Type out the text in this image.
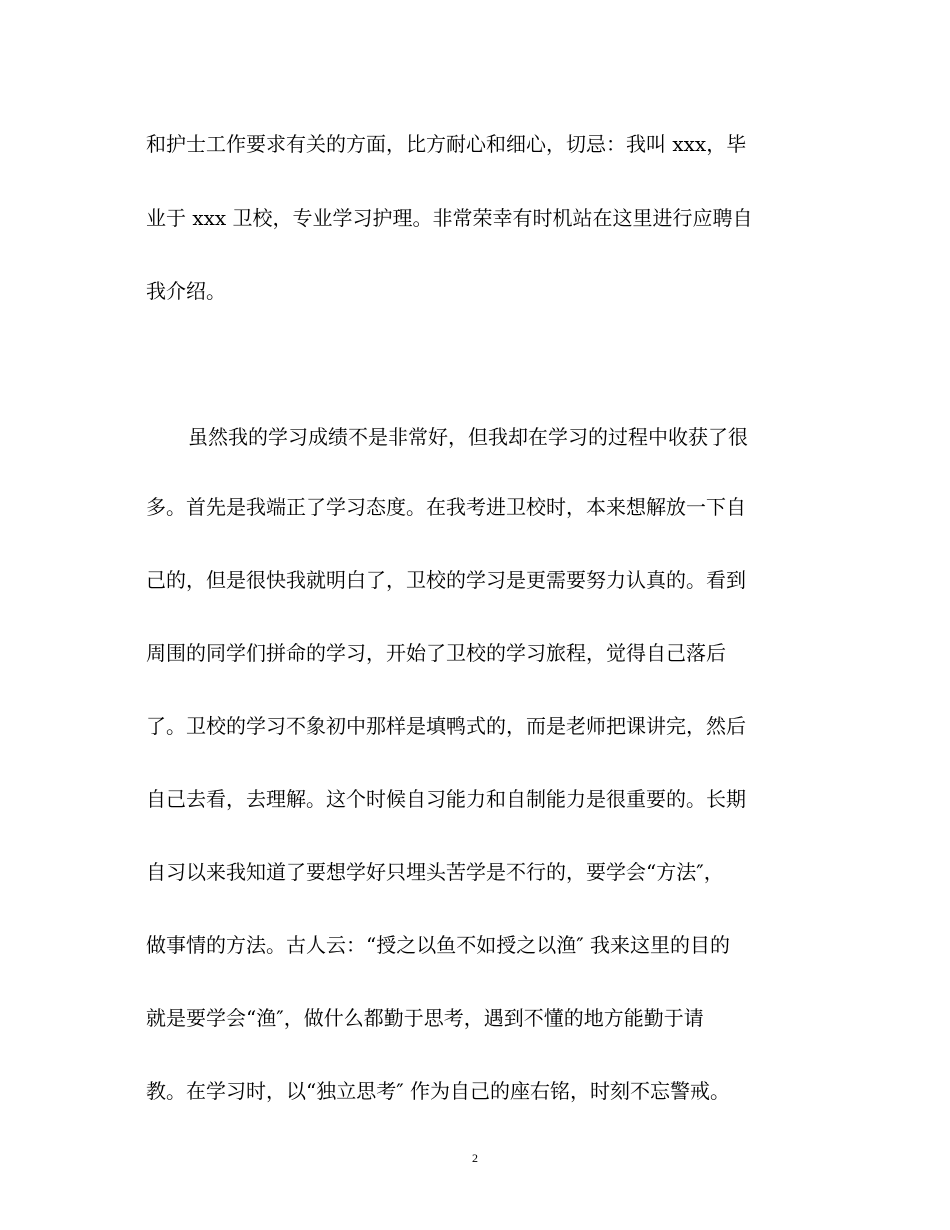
和护士工作要求有关的方面，比方耐心和细心，切忌：我叫 xxx，毕
业于 xxx 卫校，专业学习护理。非常荣幸有时机站在这里进行应聘自
我介绍。
虽然我的学习成绩不是非常好，但我却在学习的过程中收获了很
多。首先是我端正了学习态度。在我考进卫校时，本来想解放一下自
己的，但是很快我就明白了，卫校的学习是更需要努力认真的。看到
周围的同学们拼命的学习，开始了卫校的学习旅程，觉得自己落后
了。卫校的学习不象初中那样是填鸭式的，而是老师把课讲完，然后
自己去看，去理解。这个时候自习能力和自制能力是很重要的。长期
自习以来我知道了要想学好只埋头苦学是不行的，要学会“方法″，
做事情的方法。古人云：“授之以鱼不如授之以渔″ 我来这里的目的
就是要学会“渔″，做什么都勤于思考，遇到不懂的地方能勤于请
教。在学习时，以“独立思考″ 作为自己的座右铭，时刻不忘警戒。
2
